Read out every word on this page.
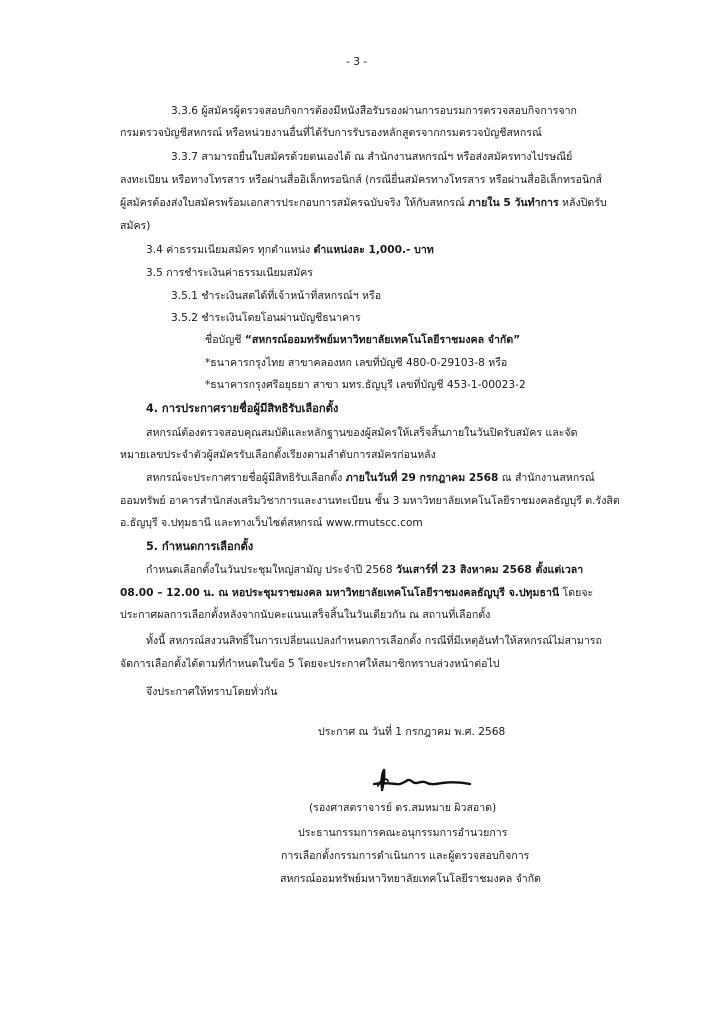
- 3 -
3.3.6 ผู้สมัครผู้ตรวจสอบกิจการต้องมีหนังสือรับรองผ่านการอบรมการตรวจสอบกิจการจาก
กรมตรวจบัญชีสหกรณ์ หรือหน่วยงานอื่นที่ได้รับการรับรองหลักสูตรจากกรมตรวจบัญชีสหกรณ์
3.3.7 สามารถยื่นใบสมัครด้วยตนเองได้ ณ สำนักงานสหกรณ์ฯ หรือส่งสมัครทางไปรษณีย์
ลงทะเบียน หรือทางโทรสาร หรือผ่านสื่ออิเล็กทรอนิกส์ (กรณียื่นสมัครทางโทรสาร หรือผ่านสื่ออิเล็กทรอนิกส์
ผู้สมัครต้องส่งใบสมัครพร้อมเอกสารประกอบการสมัครฉบับจริง ให้กับสหกรณ์ ภายใน 5 วันทำการ หลังปิดรับ
สมัคร)
3.4 ค่าธรรมเนียมสมัคร ทุกตำแหน่ง ตำแหน่งละ 1,000.- บาท
3.5 การชำระเงินค่าธรรมเนียมสมัคร
3.5.1 ชำระเงินสดได้ที่เจ้าหน้าที่สหกรณ์ฯ หรือ
3.5.2 ชำระเงินโดยโอนผ่านบัญชีธนาคาร
ชื่อบัญชี “สหกรณ์ออมทรัพย์มหาวิทยาลัยเทคโนโลยีราชมงคล จำกัด”
*ธนาคารกรุงไทย สาขาคลองหก เลขที่บัญชี 480-0-29103-8 หรือ
*ธนาคารกรุงศรีอยุธยา สาขา มทร.ธัญบุรี เลขที่บัญชี 453-1-00023-2
4. การประกาศรายชื่อผู้มีสิทธิรับเลือกตั้ง
สหกรณ์ต้องตรวจสอบคุณสมบัติและหลักฐานของผู้สมัครให้เสร็จสิ้นภายในวันปิดรับสมัคร และจัด
หมายเลขประจำตัวผู้สมัครรับเลือกตั้งเรียงตามลำดับการสมัครก่อนหลัง
สหกรณ์จะประกาศรายชื่อผู้มีสิทธิรับเลือกตั้ง ภายในวันที่ 29 กรกฎาคม 2568 ณ สำนักงานสหกรณ์
ออมทรัพย์ อาคารสำนักส่งเสริมวิชาการและงานทะเบียน ชั้น 3 มหาวิทยาลัยเทคโนโลยีราชมงคลธัญบุรี ต.รังสิต
อ.ธัญบุรี จ.ปทุมธานี และทางเว็บไซต์สหกรณ์ www.rmutscc.com
5. กำหนดการเลือกตั้ง
กำหนดเลือกตั้งในวันประชุมใหญ่สามัญ ประจำปี 2568 วันเสาร์ที่ 23 สิงหาคม 2568 ตั้งแต่เวลา
08.00 – 12.00 น. ณ หอประชุมราชมงคล มหาวิทยาลัยเทคโนโลยีราชมงคลธัญบุรี จ.ปทุมธานี โดยจะ
ประกาศผลการเลือกตั้งหลังจากนับคะแนนเสร็จสิ้นในวันเดียวกัน ณ สถานที่เลือกตั้ง
ทั้งนี้ สหกรณ์สงวนสิทธิ์ในการเปลี่ยนแปลงกำหนดการเลือกตั้ง กรณีที่มีเหตุอันทำให้สหกรณ์ไม่สามารถ
จัดการเลือกตั้งได้ตามที่กำหนดในข้อ 5 โดยจะประกาศให้สมาชิกทราบล่วงหน้าต่อไป
จึงประกาศให้ทราบโดยทั่วกัน
ประกาศ ณ วันที่ 1 กรกฎาคม พ.ศ. 2568
(รองศาสตราจารย์ ดร.สมหมาย ผิวสอาด)
ประธานกรรมการคณะอนุกรรมการอำนวยการ
การเลือกตั้งกรรมการดำเนินการ และผู้ตรวจสอบกิจการ
สหกรณ์ออมทรัพย์มหาวิทยาลัยเทคโนโลยีราชมงคล จำกัด
